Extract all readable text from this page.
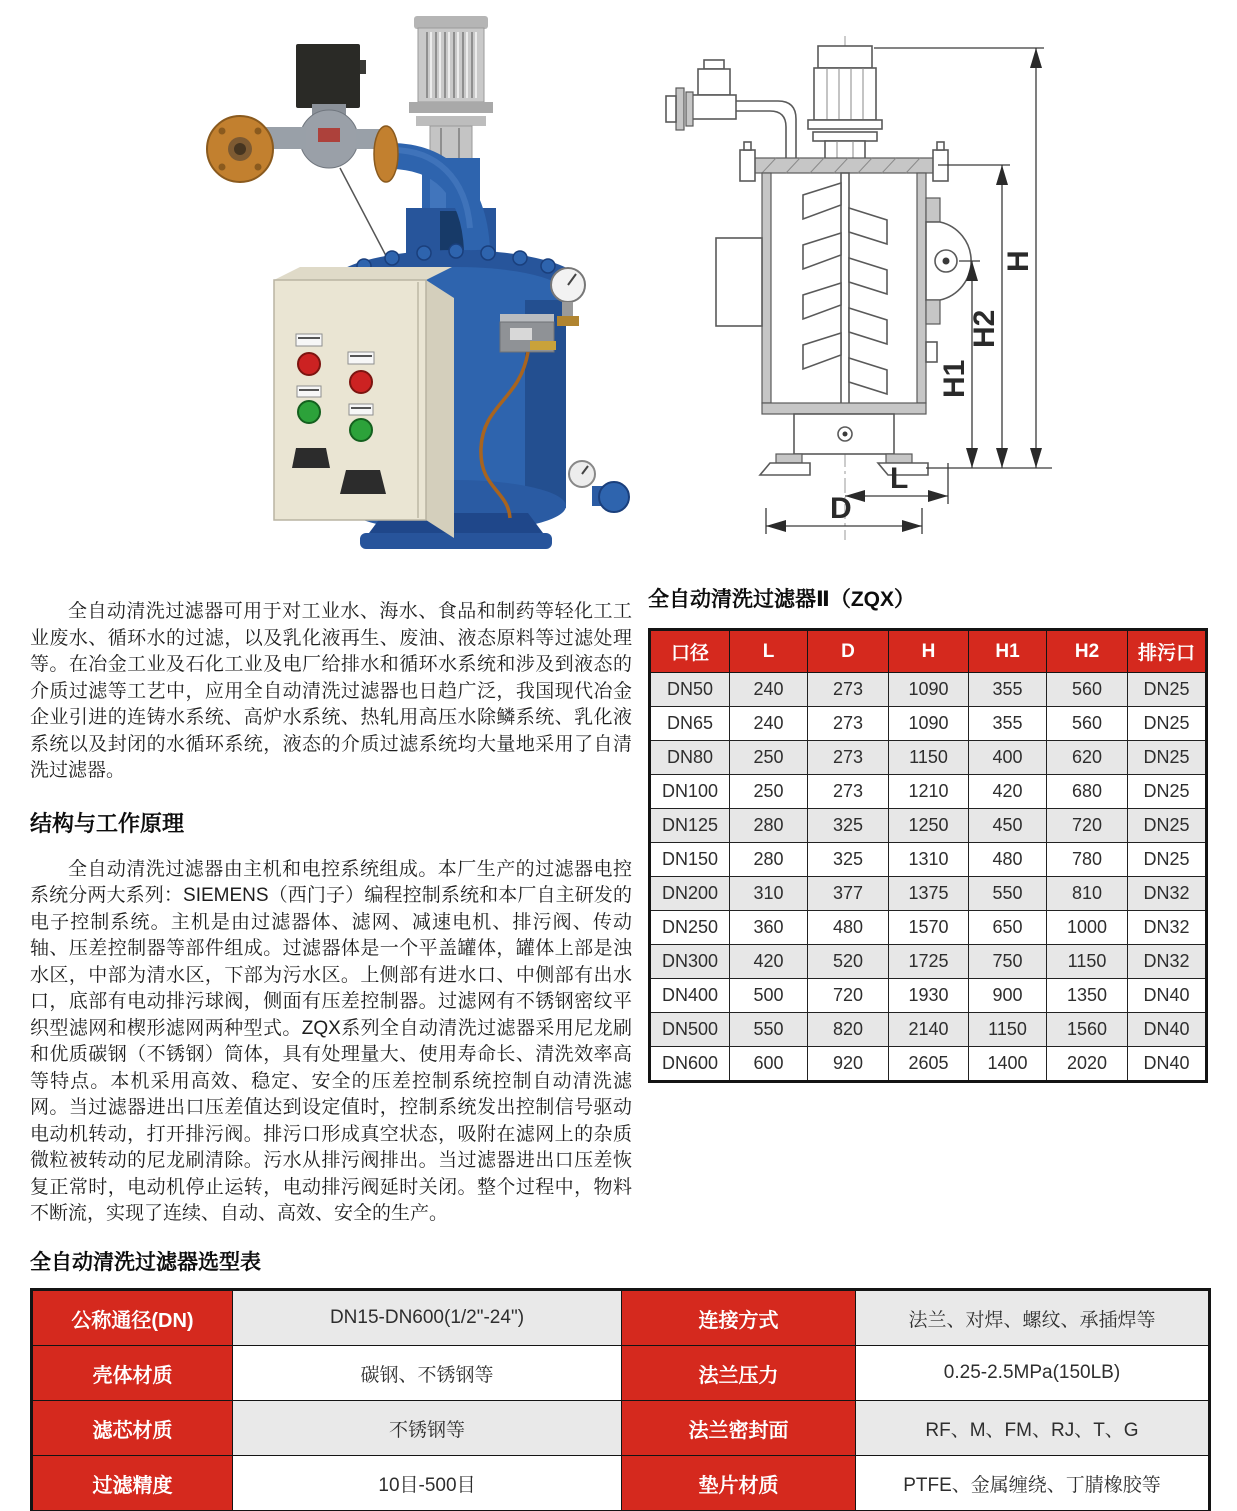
H
H2
H1
L
D

全自动清洗过滤器可用于对工业水、海水、食品和制药等轻化工工业废水、循环水的过滤，以及乳化液再生、废油、液态原料等过滤处理等。在冶金工业及石化工业及电厂给排水和循环水系统和涉及到液态的介质过滤等工艺中，应用全自动清洗过滤器也日趋广泛，我国现代冶金企业引进的连铸水系统、高炉水系统、热轧用高压水除鳞系统、乳化液系统以及封闭的水循环系统，液态的介质过滤系统均大量地采用了自清洗过滤器。

结构与工作原理

全自动清洗过滤器由主机和电控系统组成。本厂生产的过滤器电控系统分两大系列：SIEMENS（西门子）编程控制系统和本厂自主研发的电子控制系统。主机是由过滤器体、滤网、减速电机、排污阀、传动轴、压差控制器等部件组成。过滤器体是一个平盖罐体，罐体上部是浊水区，中部为清水区，下部为污水区。上侧部有进水口、中侧部有出水口，底部有电动排污球阀，侧面有压差控制器。过滤网有不锈钢密纹平织型滤网和楔形滤网两种型式。ZQX系列全自动清洗过滤器采用尼龙刷和优质碳钢（不锈钢）筒体，具有处理量大、使用寿命长、清洗效率高等特点。本机采用高效、稳定、安全的压差控制系统控制自动清洗滤网。当过滤器进出口压差值达到设定值时，控制系统发出控制信号驱动电动机转动，打开排污阀。排污口形成真空状态，吸附在滤网上的杂质微粒被转动的尼龙刷清除。污水从排污阀排出。当过滤器进出口压差恢复正常时，电动机停止运转，电动排污阀延时关闭。整个过程中，物料不断流，实现了连续、自动、高效、安全的生产。

全自动清洗过滤器Ⅱ（ZQX）
口径	L	D	H	H1	H2	排污口
DN50	240	273	1090	355	560	DN25
DN65	240	273	1090	355	560	DN25
DN80	250	273	1150	400	620	DN25
DN100	250	273	1210	420	680	DN25
DN125	280	325	1250	450	720	DN25
DN150	280	325	1310	480	780	DN25
DN200	310	377	1375	550	810	DN32
DN250	360	480	1570	650	1000	DN32
DN300	420	520	1725	750	1150	DN32
DN400	500	720	1930	900	1350	DN40
DN500	550	820	2140	1150	1560	DN40
DN600	600	920	2605	1400	2020	DN40
全自动清洗过滤器选型表
公称通径(DN)	DN15-DN600(1/2"-24")	连接方式	法兰、对焊、螺纹、承插焊等
壳体材质	碳钢、不锈钢等	法兰压力	0.25-2.5MPa(150LB)
滤芯材质	不锈钢等	法兰密封面	RF、M、FM、RJ、T、G
过滤精度	10目-500目	垫片材质	PTFE、金属缠绕、丁腈橡胶等
